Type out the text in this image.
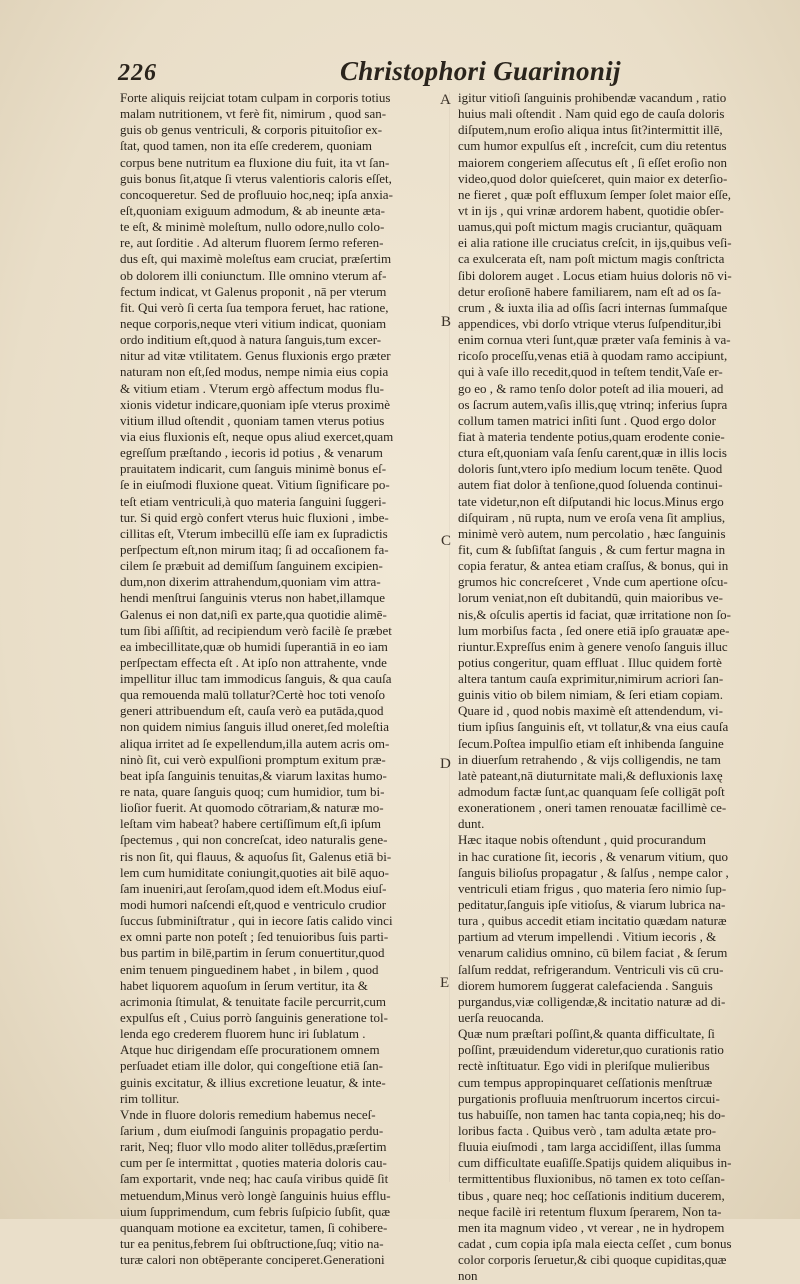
226	Christophori Guarinonij
Forte aliquis reijciat totam culpam in corporis totius
malam nutritionem, vt ferè fit, nimirum , quod san-
guis ob genus ventriculi, & corporis pituitoſior ex-
ſtat, quod tamen, non ita eſſe crederem, quoniam
corpus bene nutritum ea fluxione diu fuit, ita vt ſan-
guis bonus ſit,atque ſi vterus valentioris caloris eſſet,
concoqueretur. Sed de profluuio hoc,neq; ipſa anxia-
eſt,quoniam exiguum admodum, & ab ineunte æta-
te eſt, & minimè moleſtum, nullo odore,nullo colo-
re, aut ſorditie . Ad alterum fluorem ſermo referen-
dus eſt, qui maximè moleſtus eam cruciat, præſertim
ob dolorem illi coniunctum. Ille omnino vterum af-
fectum indicat, vt Galenus proponit , nā per vterum
fit. Qui verò ſi certa ſua tempora feruet, hac ratione,
neque corporis,neque vteri vitium indicat, quoniam
ordo inditium eſt,quod à natura ſanguis,tum excer-
nitur ad vitæ vtilitatem. Genus fluxionis ergo præter
naturam non eſt,ſed modus, nempe nimia eius copia
& vitium etiam . Vterum ergò affectum modus flu-
xionis videtur indicare,quoniam ipſe vterus proximè
vitium illud oſtendit , quoniam tamen vterus potius
via eius fluxionis eſt, neque opus aliud exercet,quam
egreſſum præſtando , iecoris id potius , & venarum
prauitatem indicarit, cum ſanguis minimè bonus eſ-
ſe in eiuſmodi fluxione queat. Vitium ſignificare po-
teſt etiam ventriculi,à quo materia ſanguini ſuggeri-
tur. Si quid ergò confert vterus huic fluxioni , imbe-
cillitas eſt, Vterum imbecillū eſſe iam ex ſupradictis
perſpectum eſt,non mirum itaq; ſi ad occaſionem fa-
cilem ſe præbuit ad demiſſum ſanguinem excipien-
dum,non dixerim attrahendum,quoniam vim attra-
hendi menſtrui ſanguinis vterus non habet,illamque
Galenus ei non dat,niſi ex parte,qua quotidie alimē-
tum ſibi aſſiſtit, ad recipiendum verò facilè ſe præbet
ea imbecillitate,quæ ob humidi ſuperantiā in eo iam
perſpectam effecta eſt . At ipſo non attrahente, vnde
impellitur illuc tam immodicus ſanguis, & qua cauſa
qua remouenda malū tollatur?Certè hoc toti venoſo
generi attribuendum eſt, cauſa verò ea putāda,quod
non quidem nimius ſanguis illud oneret,ſed moleſtia
aliqua irritet ad ſe expellendum,illa autem acris om-
ninò ſit, cui verò expulſioni promptum exitum præ-
beat ipſa ſanguinis tenuitas,& viarum laxitas humo-
re nata, quare ſanguis quoq; cum humidior, tum bi-
lioſior fuerit. At quomodo cōtrariam,& naturæ mo-
leſtam vim habeat? habere certiſſimum eſt,ſi ipſum
ſpectemus , qui non concreſcat, ideo naturalis gene-
ris non ſit, qui flauus, & aquoſus ſit, Galenus etiā bi-
lem cum humiditate coniungit,quoties ait bilē aquo-
ſam inueniri,aut ſeroſam,quod idem eſt.Modus eiuſ-
modi humori naſcendi eſt,quod e ventriculo crudior
ſuccus ſubminiſtratur , qui in iecore ſatis calido vinci
ex omni parte non poteſt ; ſed tenuioribus ſuis parti-
bus partim in bilē,partim in ſerum conuertitur,quod
enim tenuem pinguedinem habet , in bilem , quod
habet liquorem aquoſum in ſerum vertitur, ita &
acrimonia ſtimulat, & tenuitate facile percurrit,cum
expulſus eſt , Cuius porrò ſanguinis generatione tol-
lenda ego crederem fluorem hunc iri ſublatum .
Atque huc dirigendam eſſe procurationem omnem
perſuadet etiam ille dolor, qui congeſtione etiā ſan-
guinis excitatur, & illius excretione leuatur, & inte-
rim tollitur.
Vnde in fluore doloris remedium habemus neceſ-
ſarium , dum eiuſmodi ſanguinis propagatio perdu-
rarit, Neq; fluor vllo modo aliter tollēdus,præſertim
cum per ſe intermittat , quoties materia doloris cau-
ſam exportarit, vnde neq; hac cauſa viribus quidē ſit
metuendum,Minus verò longè ſanguinis huius efflu-
uium ſupprimendum, cum febris ſuſpicio ſubſit, quæ
quanquam motione ea excitetur, tamen, ſi cohibere-
tur ea penitus,febrem ſui obſtructione,ſuq; vitio na-
turæ calori non obtēperante conciperet.Generationi
igitur vitioſi ſanguinis prohibendæ vacandum , ratio
huius mali oſtendit . Nam quid ego de cauſa doloris
diſputem,num eroſio aliqua intus ſit?intermittit illē,
cum humor expulſus eſt , increſcit, cum diu retentus
maiorem congeriem aſſecutus eſt , ſi eſſet eroſio non
video,quod dolor quieſceret, quin maior ex deterſio-
ne fieret , quæ poſt effluxum ſemper ſolet maior eſſe,
vt in ijs , qui vrinæ ardorem habent, quotidie obſer-
uamus,qui poſt mictum magis cruciantur, quāquam
ei alia ratione ille cruciatus creſcit, in ijs,quibus veſi-
ca exulcerata eſt, nam poſt mictum magis conſtricta
ſibi dolorem auget . Locus etiam huius doloris nō vi-
detur eroſionē habere familiarem, nam eſt ad os ſa-
crum , & iuxta ilia ad oſſis ſacri internas ſummaſque
appendices, vbi dorſo vtrique vterus ſuſpenditur,ibi
enim cornua vteri ſunt,quæ præter vaſa feminis à va-
ricoſo proceſſu,venas etiā à quodam ramo accipiunt,
qui à vaſe illo recedit,quod in teſtem tendit,Vaſe er-
go eo , & ramo tenſo dolor poteſt ad ilia moueri, ad
os ſacrum autem,vaſis illis,quę vtrinq; inferius ſupra
collum tamen matrici inſiti ſunt . Quod ergo dolor
fiat à materia tendente potius,quam erodente conie-
ctura eſt,quoniam vaſa ſenſu carent,quæ in illis locis
doloris ſunt,vtero ipſo medium locum tenēte. Quod
autem fiat dolor à tenſione,quod ſoluenda continui-
tate videtur,non eſt diſputandi hic locus.Minus ergo
diſquiram , nū rupta, num ve eroſa vena ſit amplius,
minimè verò autem, num percolatio , hæc ſanguinis
fit, cum & ſubſiſtat ſanguis , & cum fertur magna in
copia feratur, & antea etiam craſſus, & bonus, qui in
grumos hic concreſceret , Vnde cum apertione oſcu-
lorum veniat,non eſt dubitandū, quin maioribus ve-
nis,& oſculis apertis id faciat, quæ irritatione non ſo-
lum morbiſus facta , ſed onere etiā ipſo grauatæ ape-
riuntur.Expreſſus enim à genere venoſo ſanguis illuc
potius congeritur, quam effluat . Illuc quidem fortè
altera tantum cauſa exprimitur,nimirum acriori ſan-
guinis vitio ob bilem nimiam, & ſeri etiam copiam.
Quare id , quod nobis maximè eſt attendendum, vi-
tium ipſius ſanguinis eſt, vt tollatur,& vna eius cauſa
ſecum.Poſtea impulſio etiam eſt inhibenda ſanguine
in diuerſum retrahendo , & vijs colligendis, ne tam
latè pateant,nā diuturnitate mali,& defluxionis laxę
admodum factæ ſunt,ac quanquam ſeſe colligāt poſt
exonerationem , oneri tamen renouatæ facillimè ce-
dunt.
Hæc itaque nobis oſtendunt , quid procurandum
in hac curatione ſit, iecoris , & venarum vitium, quo
ſanguis bilioſus propagatur , & ſalſus , nempe calor ,
ventriculi etiam frigus , quo materia ſero nimio ſup-
peditatur,ſanguis ipſe vitioſus, & viarum lubrica na-
tura , quibus accedit etiam incitatio quædam naturæ
partium ad vterum impellendi . Vitium iecoris , &
venarum calidius omnino, cū bilem faciat , & ſerum
ſalſum reddat, refrigerandum. Ventriculi vis cū cru-
diorem humorem ſuggerat calefacienda . Sanguis
purgandus,viæ colligendæ,& incitatio naturæ ad di-
uerſa reuocanda.
Quæ num præſtari poſſint,& quanta difficultate, ſi
poſſint, præuidendum videretur,quo curationis ratio
rectè inſtituatur. Ego vidi in pleriſque mulieribus
cum tempus appropinquaret ceſſationis menſtruæ
purgationis profluuia menſtruorum incertos circui-
tus habuiſſe, non tamen hac tanta copia,neq; his do-
loribus facta . Quibus verò , tam adulta ætate pro-
fluuia eiuſmodi , tam larga accidiſſent, illas ſumma
cum difficultate euaſiſſe.Spatijs quidem aliquibus in-
termittentibus fluxionibus, nō tamen ex toto ceſſan-
tibus , quare neq; hoc ceſſationis inditium ducerem,
neque facilè iri retentum fluxum ſperarem, Non ta-
men ita magnum video , vt verear , ne in hydropem
cadat , cum copia ipſa mala eiecta ceſſet , cum bonus
color corporis ſeruetur,& cibi quoque cupiditas,quæ
non
A
B
C
D
E
